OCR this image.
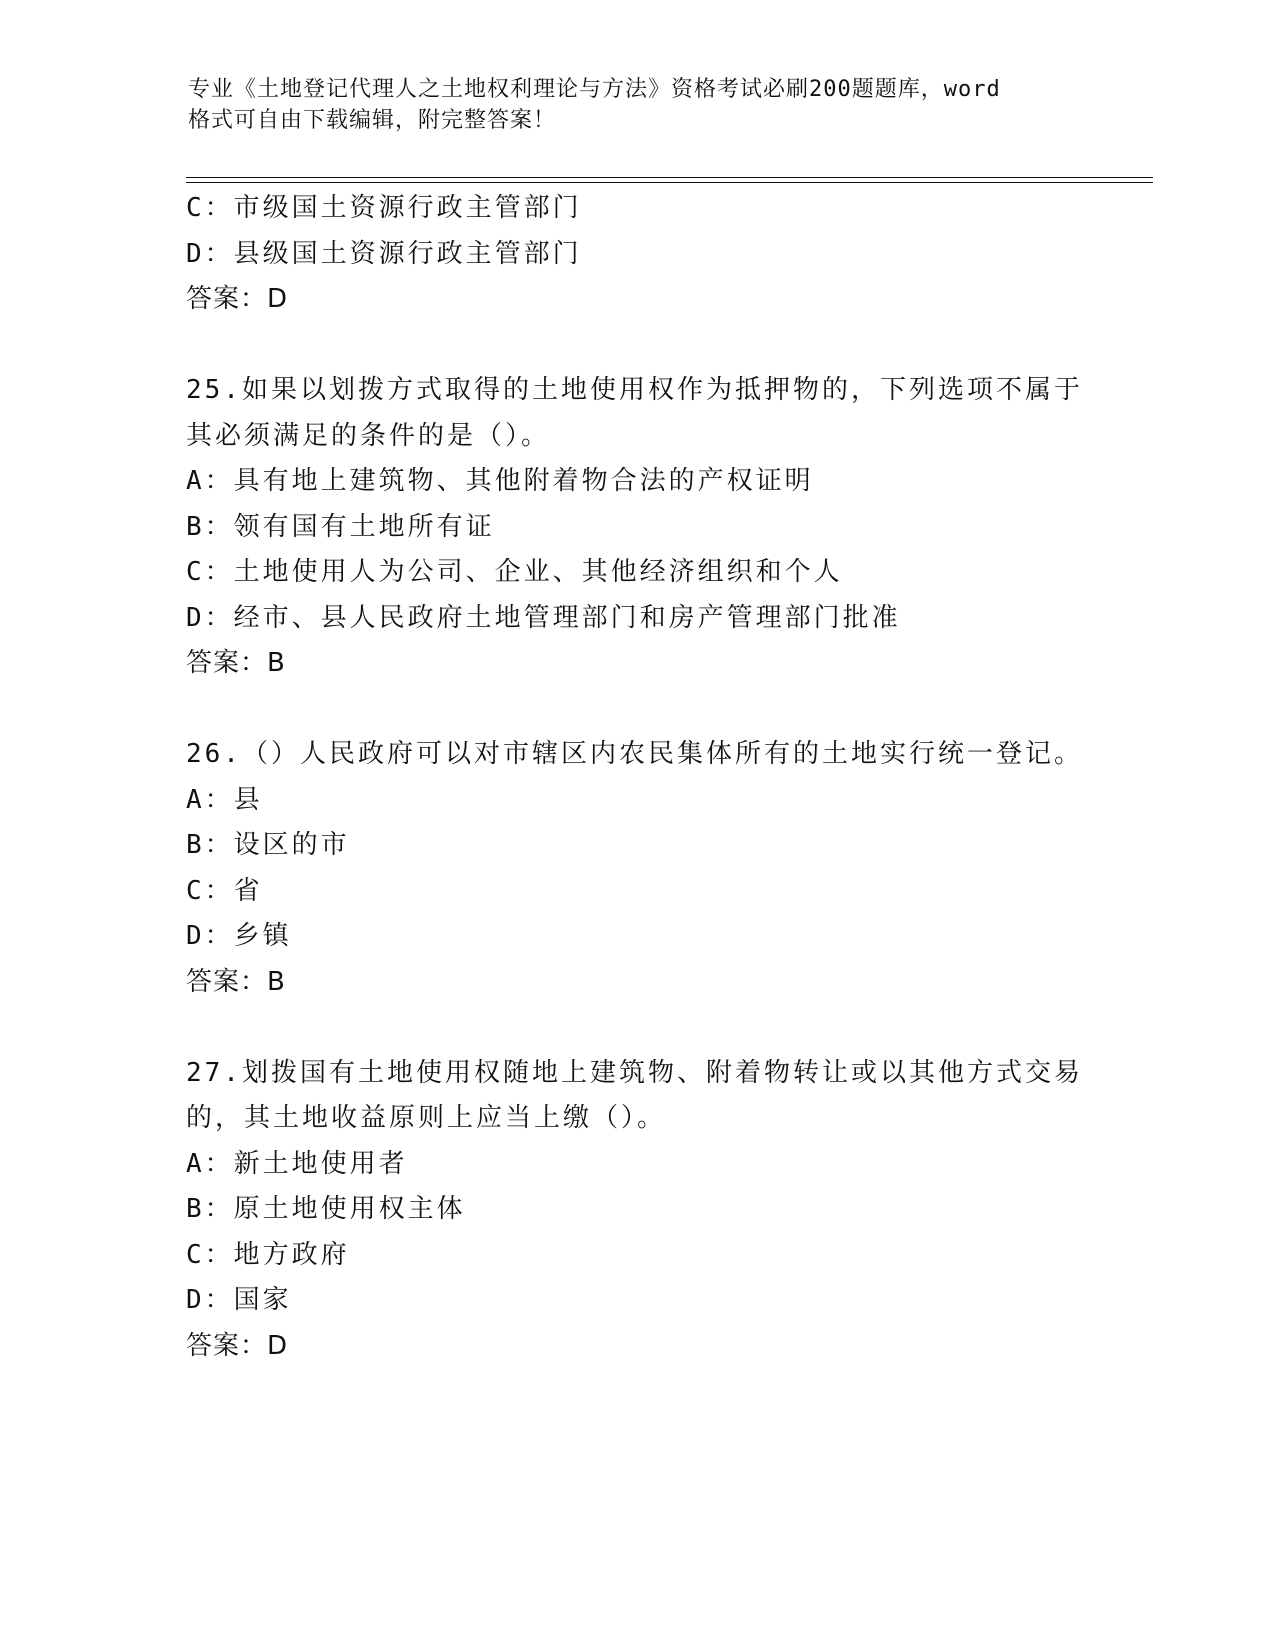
专业《土地登记代理人之土地权利理论与方法》资格考试必刷200题题库，word
格式可自由下载编辑，附完整答案！
C：市级国土资源行政主管部门
D：县级国土资源行政主管部门
答案：D
25.如果以划拨方式取得的土地使用权作为抵押物的，下列选项不属于
其必须满足的条件的是（）。
A：具有地上建筑物、其他附着物合法的产权证明
B：领有国有土地所有证
C：土地使用人为公司、企业、其他经济组织和个人
D：经市、县人民政府土地管理部门和房产管理部门批准
答案：B
26.（）人民政府可以对市辖区内农民集体所有的土地实行统一登记。
A：县
B：设区的市
C：省
D：乡镇
答案：B
27.划拨国有土地使用权随地上建筑物、附着物转让或以其他方式交易
的，其土地收益原则上应当上缴（）。
A：新土地使用者
B：原土地使用权主体
C：地方政府
D：国家
答案：D
